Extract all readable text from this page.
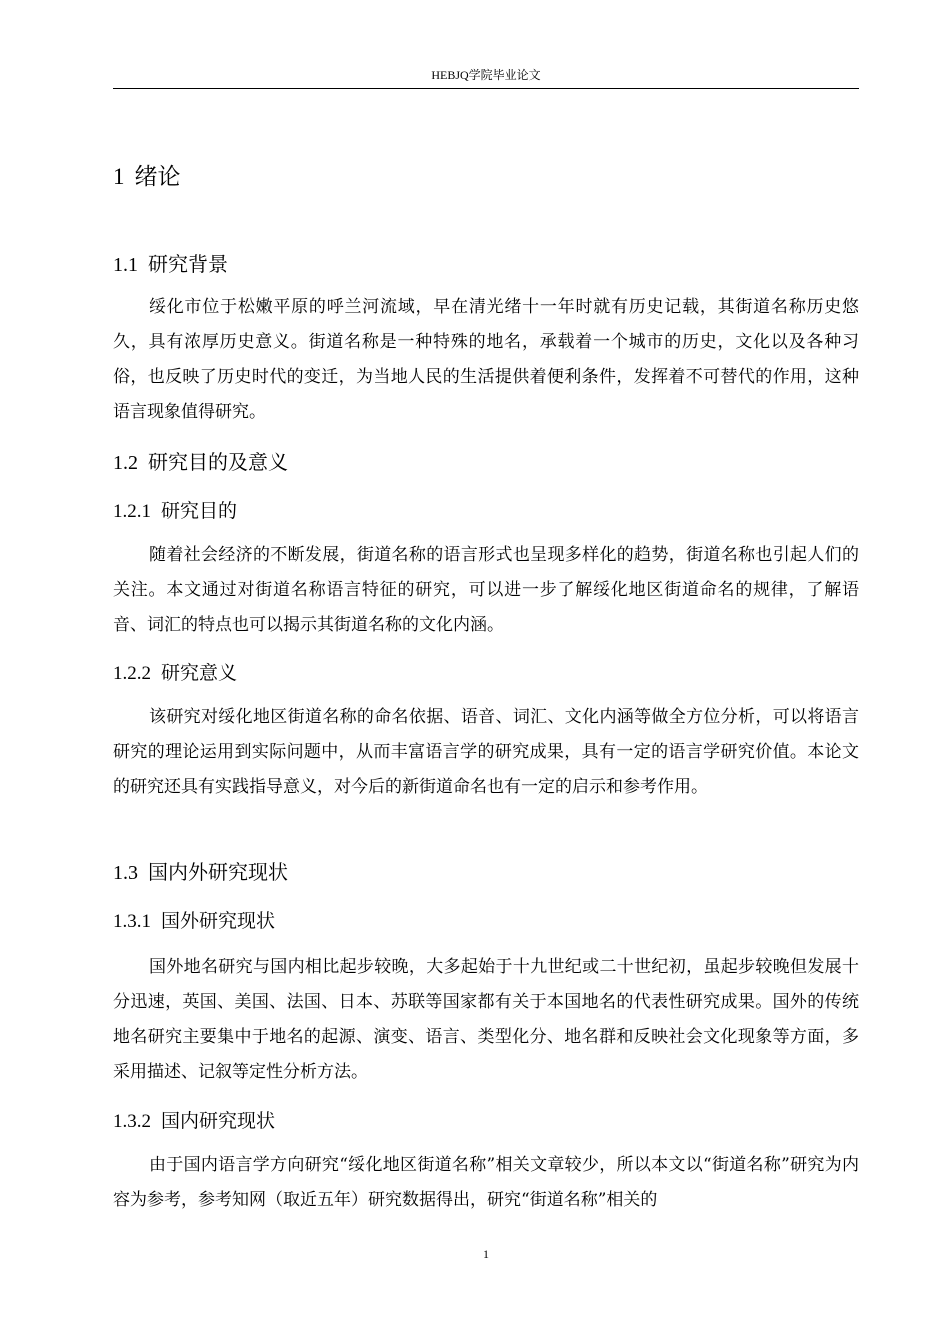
HEBJQ学院毕业论文
1 绪论
1.1 研究背景

绥化市位于松嫩平原的呼兰河流域，早在清光绪十一年时就有历史记载，其街道名称历史悠久，具有浓厚历史意义。街道名称是一种特殊的地名，承载着一个城市的历史，文化以及各种习俗，也反映了历史时代的变迁，为当地人民的生活提供着便利条件，发挥着不可替代的作用，这种语言现象值得研究。

1.2 研究目的及意义
1.2.1 研究目的

随着社会经济的不断发展，街道名称的语言形式也呈现多样化的趋势，街道名称也引起人们的关注。本文通过对街道名称语言特征的研究，可以进一步了解绥化地区街道命名的规律，了解语音、词汇的特点也可以揭示其街道名称的文化内涵。

1.2.2 研究意义

该研究对绥化地区街道名称的命名依据、语音、词汇、文化内涵等做全方位分析，可以将语言研究的理论运用到实际问题中，从而丰富语言学的研究成果，具有一定的语言学研究价值。本论文的研究还具有实践指导意义，对今后的新街道命名也有一定的启示和参考作用。

1.3 国内外研究现状
1.3.1 国外研究现状

国外地名研究与国内相比起步较晚，大多起始于十九世纪或二十世纪初，虽起步较晚但发展十分迅速，英国、美国、法国、日本、苏联等国家都有关于本国地名的代表性研究成果。国外的传统地名研究主要集中于地名的起源、演变、语言、类型化分、地名群和反映社会文化现象等方面，多采用描述、记叙等定性分析方法。

1.3.2 国内研究现状

由于国内语言学方向研究“绥化地区街道名称”相关文章较少，所以本文以“街道名称”研究为内容为参考，参考知网（取近五年）研究数据得出，研究“街道名称”相关的

1
